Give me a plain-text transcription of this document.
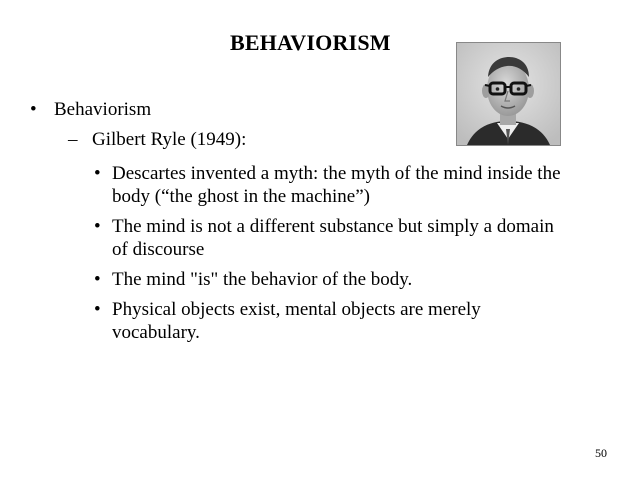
BEHAVIORISM
• Behaviorism
– Gilbert Ryle (1949):
• Descartes invented a myth: the myth of the mind inside the body (“the ghost in the machine”)
• The mind is not a different substance but simply a domain of discourse
• The mind "is" the behavior of the body.
• Physical objects exist, mental objects are merely vocabulary.
50
